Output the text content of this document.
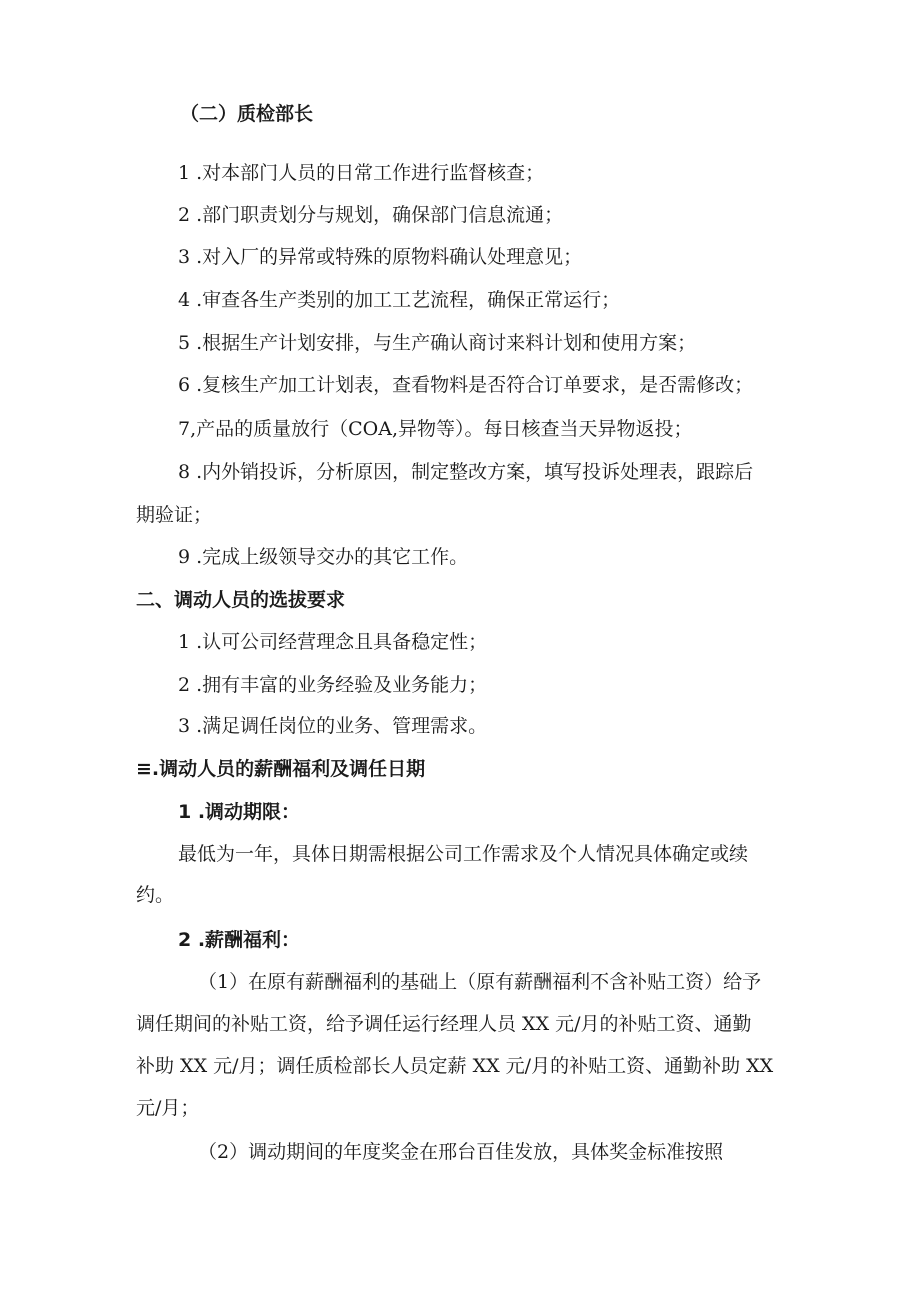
（二）质检部长
1 .对本部门人员的日常工作进行监督核查；
2 .部门职责划分与规划，确保部门信息流通；
3 .对入厂的异常或特殊的原物料确认处理意见；
4 .审查各生产类别的加工工艺流程，确保正常运行；
5 .根据生产计划安排，与生产确认商讨来料计划和使用方案；
6 .复核生产加工计划表，查看物料是否符合订单要求，是否需修改；
7,产品的质量放行（COA,异物等）。每日核查当天异物返投；
8 .内外销投诉，分析原因，制定整改方案，填写投诉处理表，跟踪后
期验证；
9 .完成上级领导交办的其它工作。
二、调动人员的选拔要求
1 .认可公司经营理念且具备稳定性；
2 .拥有丰富的业务经验及业务能力；
3 .满足调任岗位的业务、管理需求。
≡.调动人员的薪酬福利及调任日期
1 .调动期限：
最低为一年，具体日期需根据公司工作需求及个人情况具体确定或续
约。
2 .薪酬福利：
（1）在原有薪酬福利的基础上（原有薪酬福利不含补贴工资）给予
调任期间的补贴工资，给予调任运行经理人员 XX 元/月的补贴工资、通勤
补助 XX 元/月；调任质检部长人员定薪 XX 元/月的补贴工资、通勤补助 XX
元/月；
（2）调动期间的年度奖金在邢台百佳发放，具体奖金标准按照
